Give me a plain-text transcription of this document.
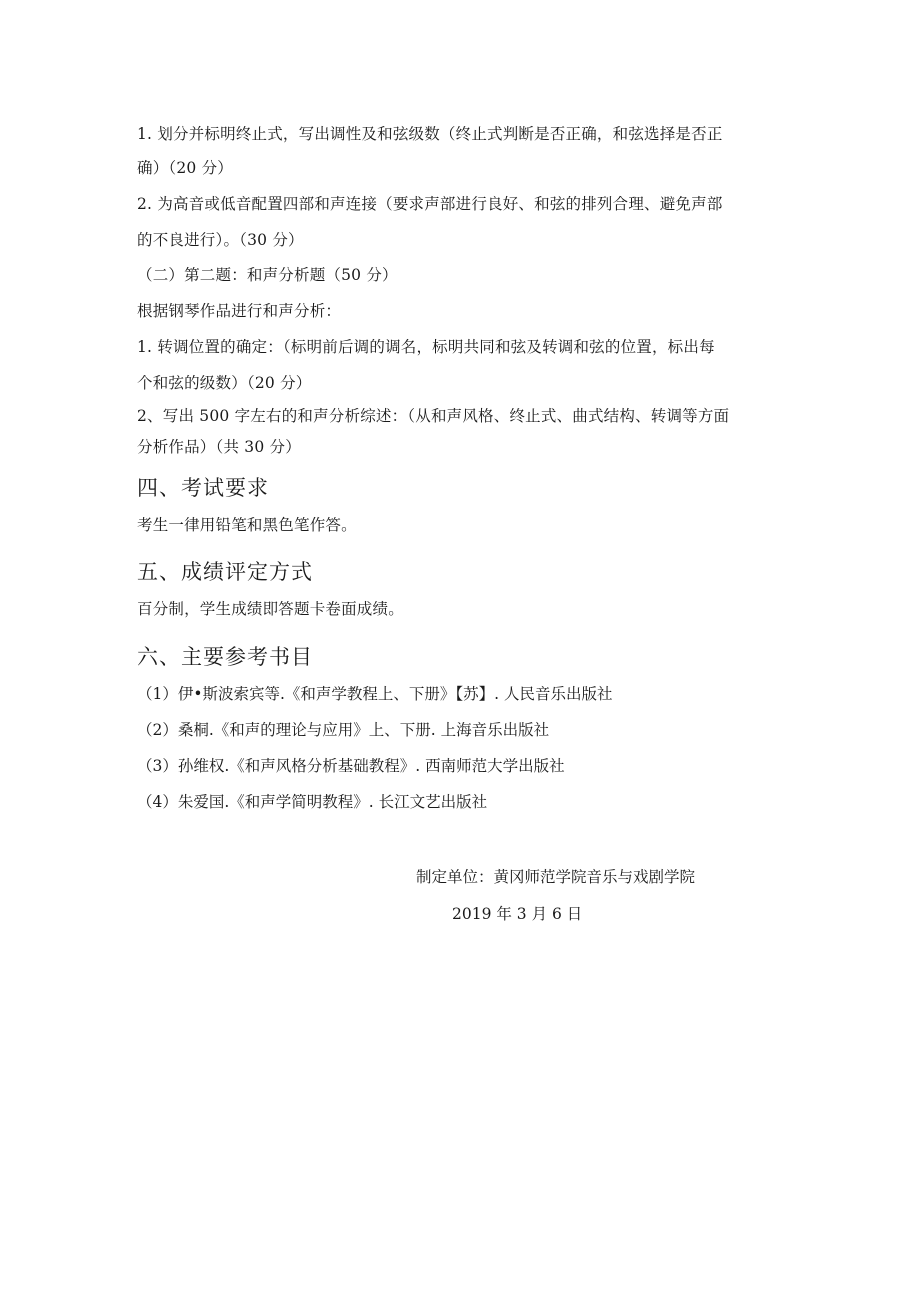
1. 划分并标明终止式，写出调性及和弦级数（终止式判断是否正确，和弦选择是否正
确）（20 分）
2. 为高音或低音配置四部和声连接（要求声部进行良好、和弦的排列合理、避免声部
的不良进行）。（30 分）
（二）第二题：和声分析题（50 分）
根据钢琴作品进行和声分析：
1. 转调位置的确定：（标明前后调的调名，标明共同和弦及转调和弦的位置，标出每
个和弦的级数）（20 分）
2、写出 500 字左右的和声分析综述：（从和声风格、终止式、曲式结构、转调等方面
分析作品）（共 30 分）
四、考试要求
考生一律用铅笔和黑色笔作答。
五、成绩评定方式
百分制，学生成绩即答题卡卷面成绩。
六、主要参考书目
（1）伊•斯波索宾等.《和声学教程上、下册》【苏】. 人民音乐出版社
（2）桑桐.《和声的理论与应用》上、下册. 上海音乐出版社
（3）孙维权.《和声风格分析基础教程》. 西南师范大学出版社
（4）朱爱国.《和声学简明教程》. 长江文艺出版社
制定单位：黄冈师范学院音乐与戏剧学院
2019 年 3 月 6 日
